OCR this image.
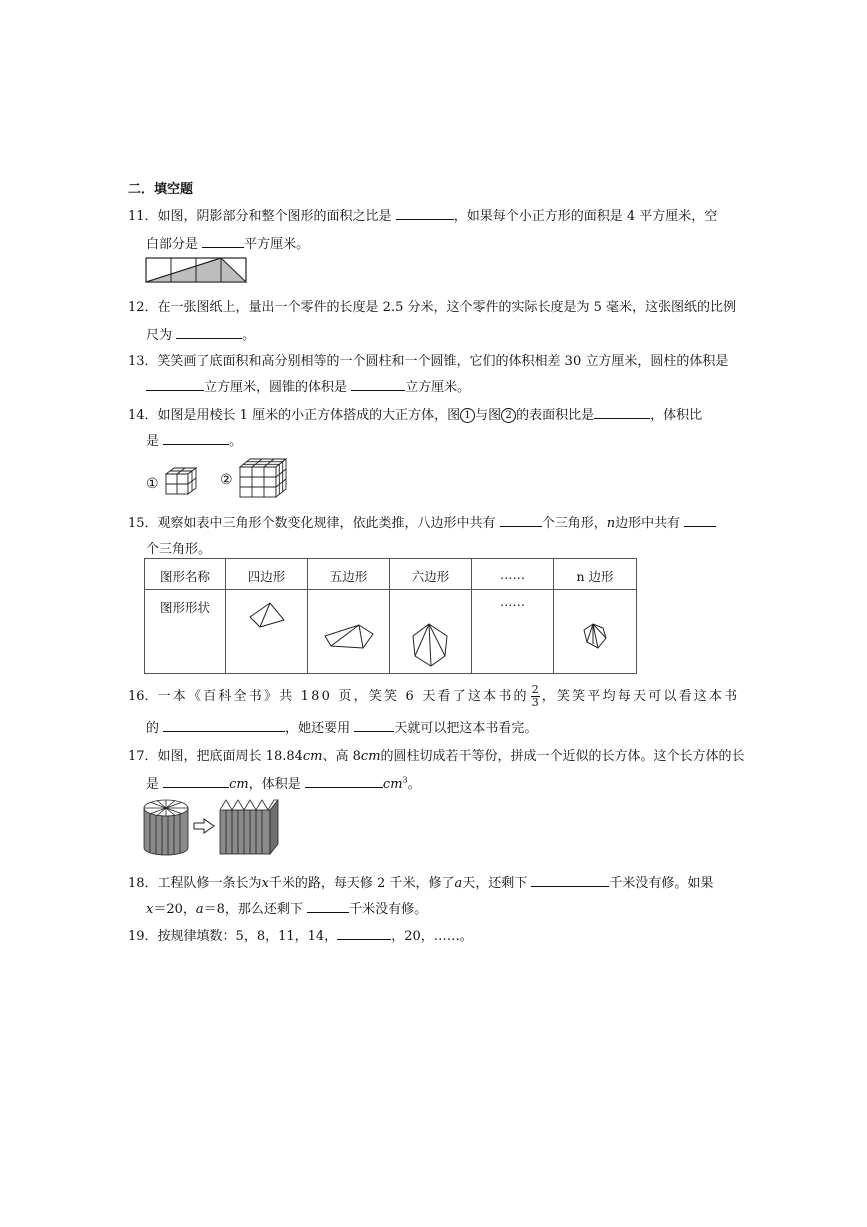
二．填空题
11．如图，阴影部分和整个图形的面积之比是	，如果每个小正方形的面积是 4 平方厘米，空
白部分是	平方厘米。
12．在一张图纸上，量出一个零件的长度是 2.5 分米，这个零件的实际长度是为 5 毫米，这张图纸的比例
尺为	。
13．笑笑画了底面积和高分别相等的一个圆柱和一个圆锥，它们的体积相差 30 立方厘米，圆柱的体积是
立方厘米，圆锥的体积是	立方厘米。
14．如图是用棱长 1 厘米的小正方体搭成的大正方体，图 1 与图 2 的表面积比是	，体积比
是	。
①	②
15．观察如表中三角形个数变化规律，依此类推，八边形中共有	个三角形，n边形中共有
个三角形。
图形名称	四边形	五边形	六边形	……	n 边形
图形形状				……	
16．一本《百科全书》共 180 页，笑笑 6 天看了这本书的 $\frac{2}{3}$ ，笑笑平均每天可以看这本书
的	，她还要用	天就可以把这本书看完。
17．如图，把底面周长 18.84cm、高 8cm的圆柱切成若干等份，拼成一个近似的长方体。这个长方体的长
是	cm，体积是	$cm^3$。
18．工程队修一条长为x千米的路，每天修 2 千米，修了a天，还剩下	千米没有修。如果
x＝20，a＝8，那么还剩下	千米没有修。
19．按规律填数：5，8，11，14，	，20，……。
